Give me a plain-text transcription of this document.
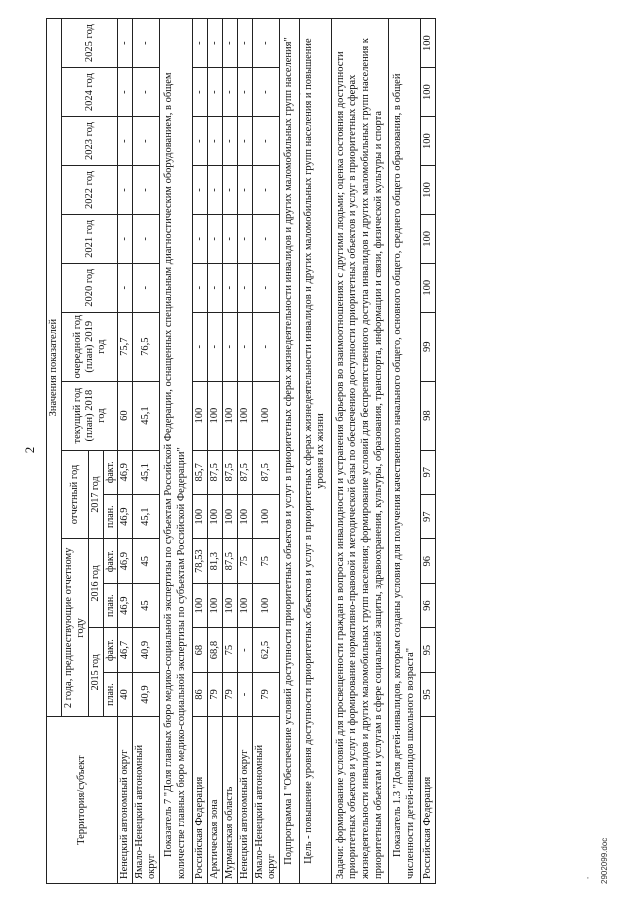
·
·
2
Территория/субъект	Значения показателей													
	2 года, предшествующие отчетному году				отчетный год		текущий год (план) 2018 год	очередной год (план) 2019 год	2020 год	2021 год	2022 год	2023 год	2024 год	2025 год
	2015 год		2016 год		2017 год									
	план.	факт.	план.	факт.	план.	факт.								
Ненецкий автономный округ	40	46,7	46,9	46,9	46,9	46,9	60	75,7	-	-	-	-	-	-
Ямало-Ненецкий автономный округ	40,9	40,9	45	45	45,1	45,1	45,1	76,5	-	-	-	-	-	-
Показатель 7 "Доля главных бюро медико-социальной экспертизы по субъектам Российской Федерации, оснащенных специальным диагностическим оборудованием, в общем количестве главных бюро медико-социальной экспертизы по субъектам Российской Федерации"														
Российская Федерация	86	68	100	78,53	100	85,7	100	-	-	-	-	-	-	-
Арктическая зона	79	68,8	100	81,3	100	87,5	100	-	-	-	-	-	-	-
Мурманская область	79	75	100	87,5	100	87,5	100	-	-	-	-	-	-	-
Ненецкий автономный округ	-	-	100	75	100	87,5	100	-	-	-	-	-	-	-
Ямало-Ненецкий автономный округ	79	62,5	100	75	100	87,5	100	-	-	-	-	-	-	-
Подпрограмма I "Обеспечение условий доступности приоритетных объектов и услуг в приоритетных сферах жизнедеятельности инвалидов и других маломобильных групп населения"														
Цель - повышение уровня доступности приоритетных объектов и услуг в приоритетных сферах жизнедеятельности инвалидов и других маломобильных групп населения и повышение уровня их жизни														
Задачи: формирование условий для просвещенности граждан в вопросах инвалидности и устранения барьеров во взаимоотношениях с другими людьми; оценка состояния доступности приоритетных объектов и услуг и формирование нормативно-правовой и методической базы по обеспечению доступности приоритетных объектов и услуг в приоритетных сферах жизнедеятельности инвалидов и других маломобильных групп населения; формирование условий для беспрепятственного доступа инвалидов и других маломобильных групп населения к приоритетным объектам и услугам в сфере социальной защиты, здравоохранения, культуры, образования, транспорта, информации и связи, физической культуры и спорта														
Показатель 1.3 "Доля детей-инвалидов, которым созданы условия для получения качественного начального общего, основного общего, среднего общего образования, в общей численности детей-инвалидов школьного возраста"														
Российская Федерация	95	95	96	96	97	97	98	99	100	100	100	100	100	100
2902099.doc
